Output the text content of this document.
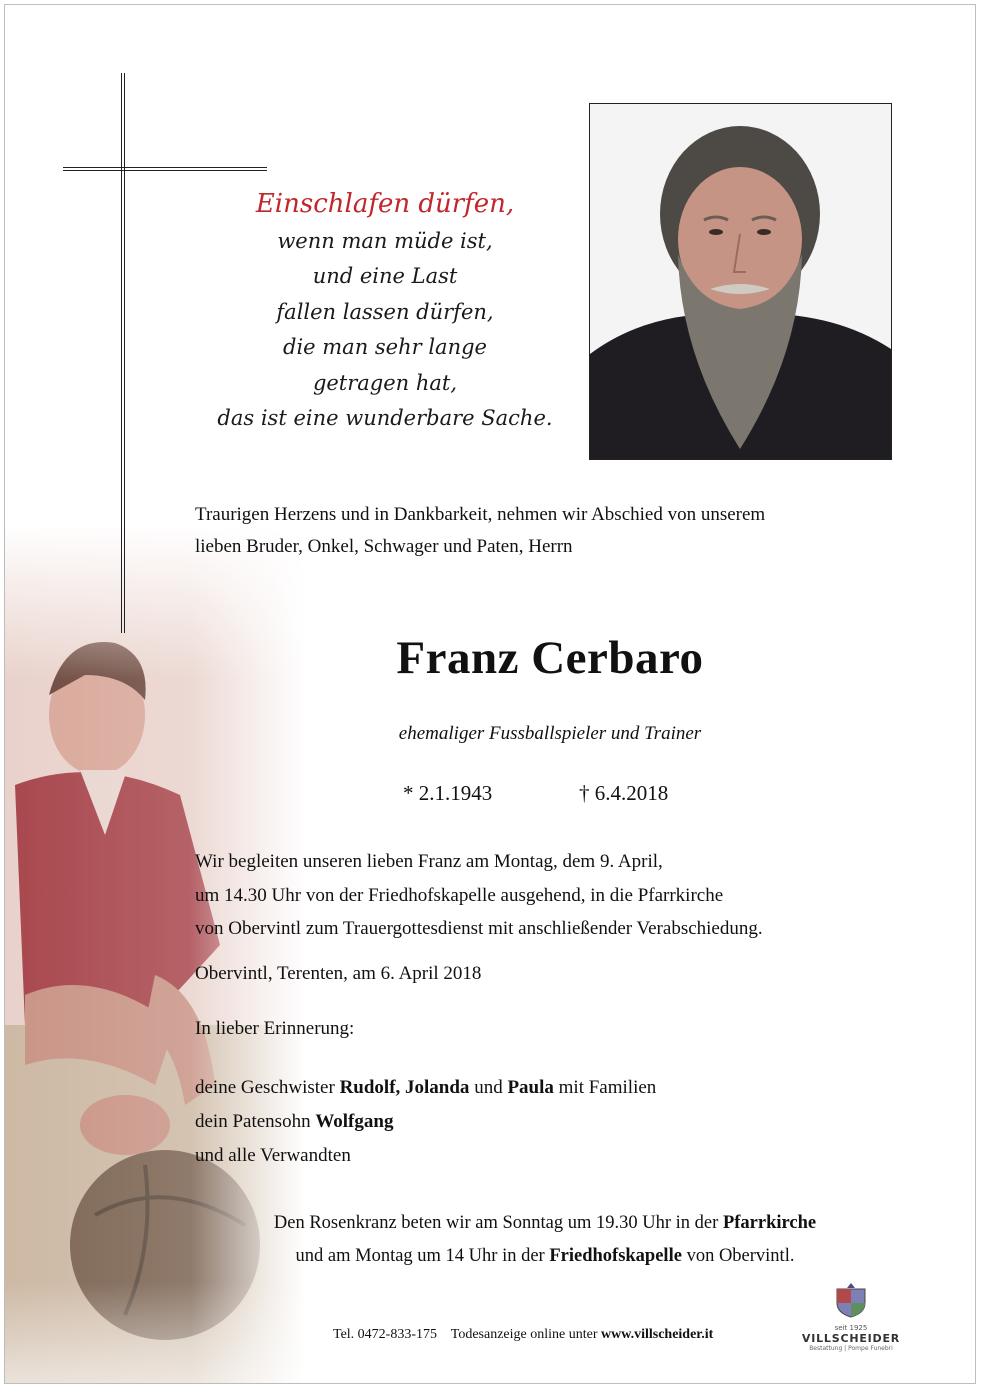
Einschlafen dürfen,
wenn man müde ist,
und eine Last
fallen lassen dürfen,
die man sehr lange
getragen hat,
das ist eine wunderbare Sache.
Traurigen Herzens und in Dankbarkeit, nehmen wir Abschied von unserem
lieben Bruder, Onkel, Schwager und Paten, Herrn
Franz Cerbaro
ehemaliger Fussballspieler und Trainer
* 2.1.1943	† 6.4.2018
Wir begleiten unseren lieben Franz am Montag, dem 9. April,
um 14.30 Uhr von der Friedhofskapelle ausgehend, in die Pfarrkirche
von Obervintl zum Trauergottesdienst mit anschließender Verabschiedung.
Obervintl, Terenten, am 6. April 2018
In lieber Erinnerung:
deine Geschwister Rudolf, Jolanda und Paula mit Familien
dein Patensohn Wolfgang
und alle Verwandten
Den Rosenkranz beten wir am Sonntag um 19.30 Uhr in der Pfarrkirche
und am Montag um 14 Uhr in der Friedhofskapelle von Obervintl.
Tel. 0472-833-175 Todesanzeige online unter www.villscheider.it	seit 1925
VILLSCHEIDER
Bestattung | Pompe Funebri
